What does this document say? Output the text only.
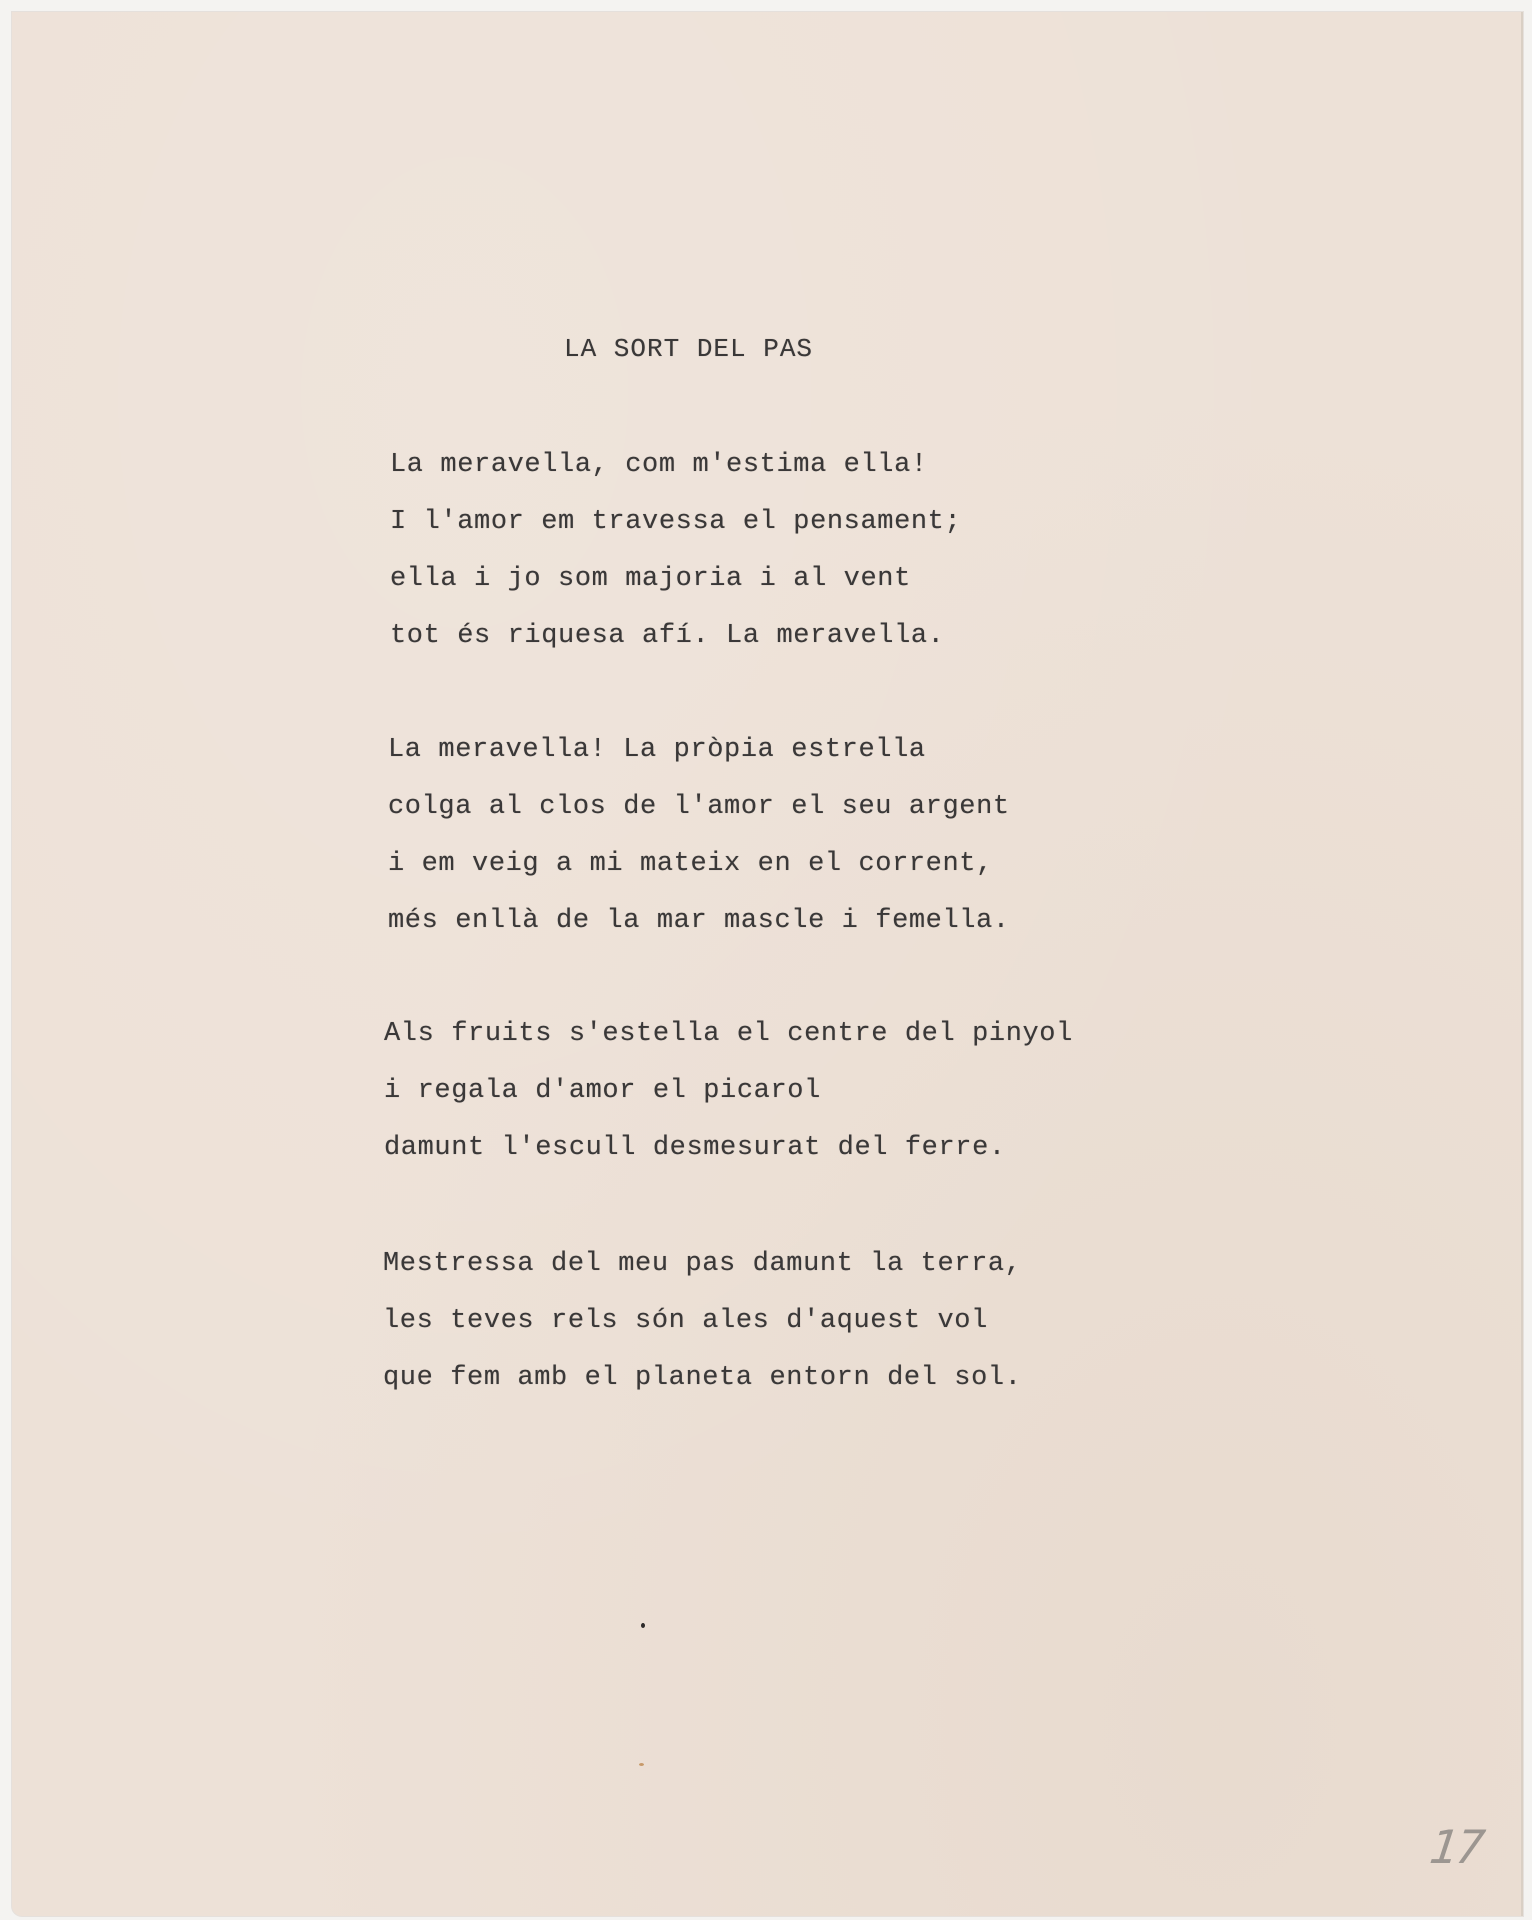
LA SORT DEL PAS
La meravella, com m'estima ella!
I l'amor em travessa el pensament;
ella i jo som majoria i al vent
tot és riquesa afí. La meravella.
La meravella! La pròpia estrella
colga al clos de l'amor el seu argent
i em veig a mi mateix en el corrent,
més enllà de la mar mascle i femella.
Als fruits s'estella el centre del pinyol
i regala d'amor el picarol
damunt l'escull desmesurat del ferre.
Mestressa del meu pas damunt la terra,
les teves rels són ales d'aquest vol
que fem amb el planeta entorn del sol.
17
